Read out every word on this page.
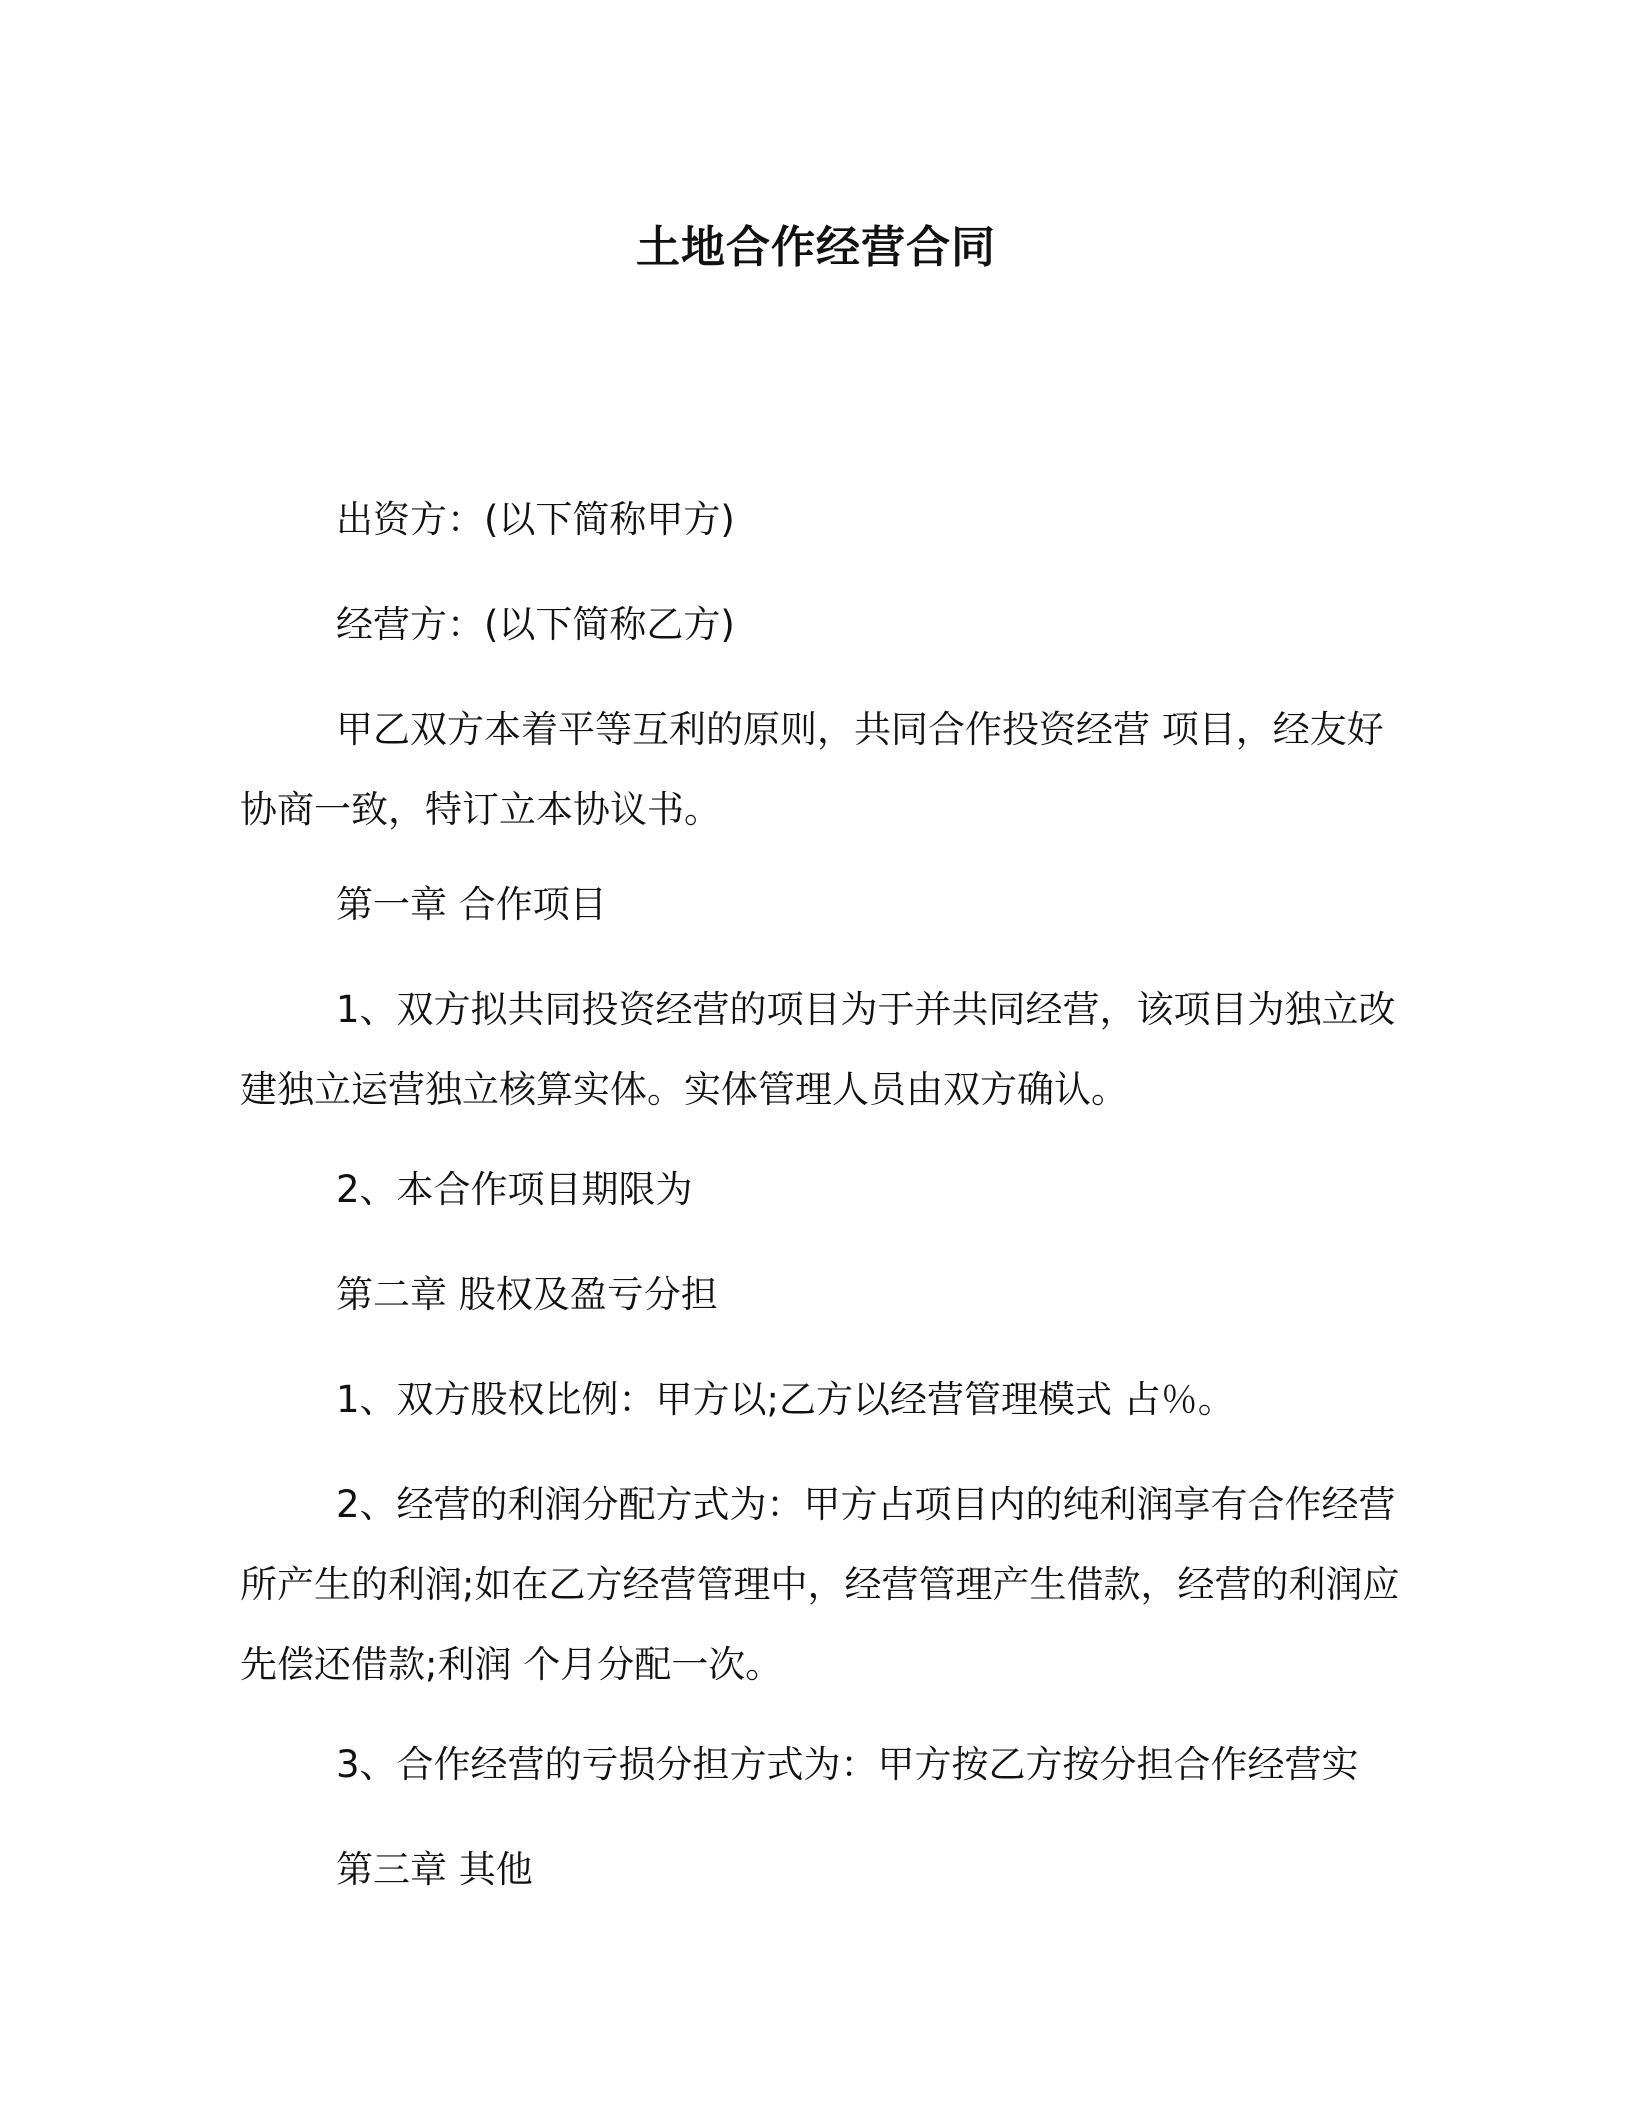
土地合作经营合同

出资方：(以下简称甲方)

经营方：(以下简称乙方)

甲乙双方本着平等互利的原则，共同合作投资经营 项目，经友好协商一致，特订立本协议书。

第一章 合作项目

1、双方拟共同投资经营的项目为于并共同经营，该项目为独立改建独立运营独立核算实体。实体管理人员由双方确认。

2、本合作项目期限为

第二章 股权及盈亏分担

1、双方股权比例：甲方以;乙方以经营管理模式 占％。

2、经营的利润分配方式为：甲方占项目内的纯利润享有合作经营所产生的利润;如在乙方经营管理中，经营管理产生借款，经营的利润应先偿还借款;利润 个月分配一次。

3、合作经营的亏损分担方式为：甲方按乙方按分担合作经营实

第三章 其他
